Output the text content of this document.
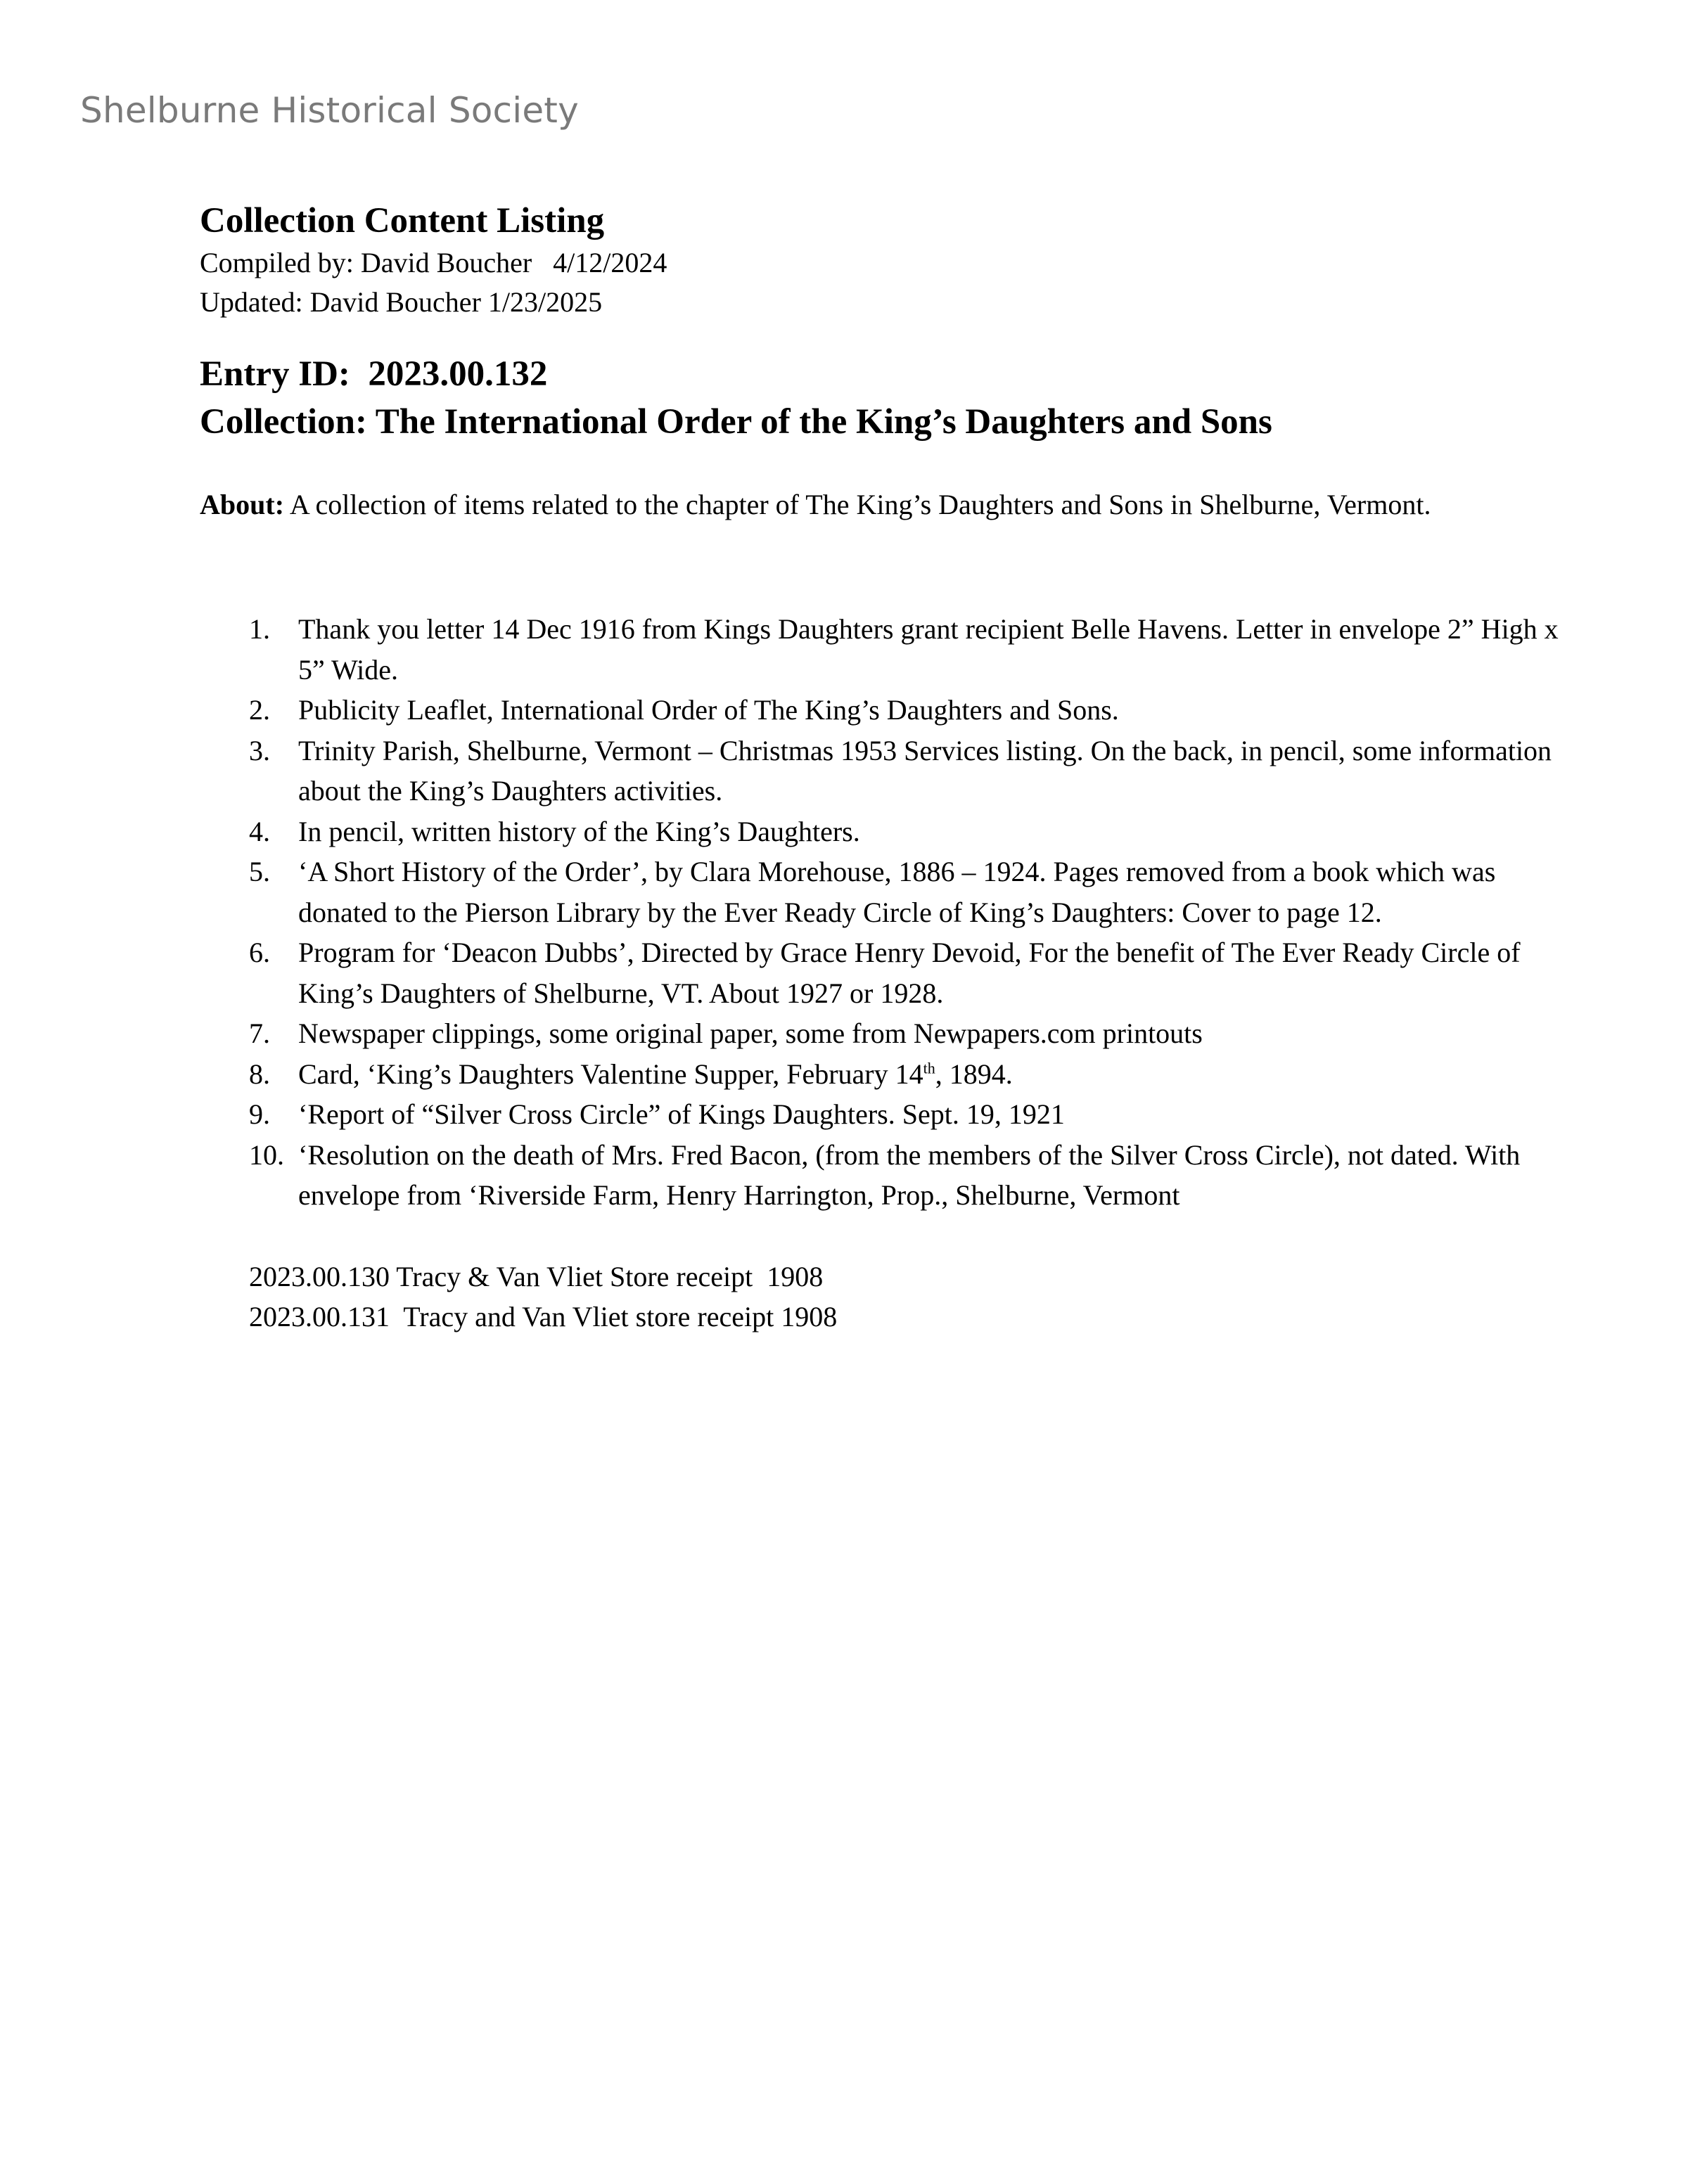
Shelburne Historical Society
Collection Content Listing
Compiled by: David Boucher   4/12/2024
Updated: David Boucher 1/23/2025
Entry ID:  2023.00.132
Collection: The International Order of the King’s Daughters and Sons
About: A collection of items related to the chapter of The King’s Daughters and Sons in Shelburne, Vermont.
1. Thank you letter 14 Dec 1916 from Kings Daughters grant recipient Belle Havens. Letter in envelope 2” High x 5” Wide.
2. Publicity Leaflet, International Order of The King’s Daughters and Sons.
3. Trinity Parish, Shelburne, Vermont – Christmas 1953 Services listing. On the back, in pencil, some information about the King’s Daughters activities.
4. In pencil, written history of the King’s Daughters.
5. ‘A Short History of the Order’, by Clara Morehouse, 1886 – 1924. Pages removed from a book which was donated to the Pierson Library by the Ever Ready Circle of King’s Daughters: Cover to page 12.
6. Program for ‘Deacon Dubbs’, Directed by Grace Henry Devoid, For the benefit of The Ever Ready Circle of King’s Daughters of Shelburne, VT. About 1927 or 1928.
7. Newspaper clippings, some original paper, some from Newpapers.com printouts
8. Card, ‘King’s Daughters Valentine Supper, February 14th, 1894.
9. ‘Report of “Silver Cross Circle” of Kings Daughters. Sept. 19, 1921
10. ‘Resolution on the death of Mrs. Fred Bacon, (from the members of the Silver Cross Circle), not dated. With envelope from ‘Riverside Farm, Henry Harrington, Prop., Shelburne, Vermont
2023.00.130 Tracy & Van Vliet Store receipt  1908
2023.00.131  Tracy and Van Vliet store receipt 1908
